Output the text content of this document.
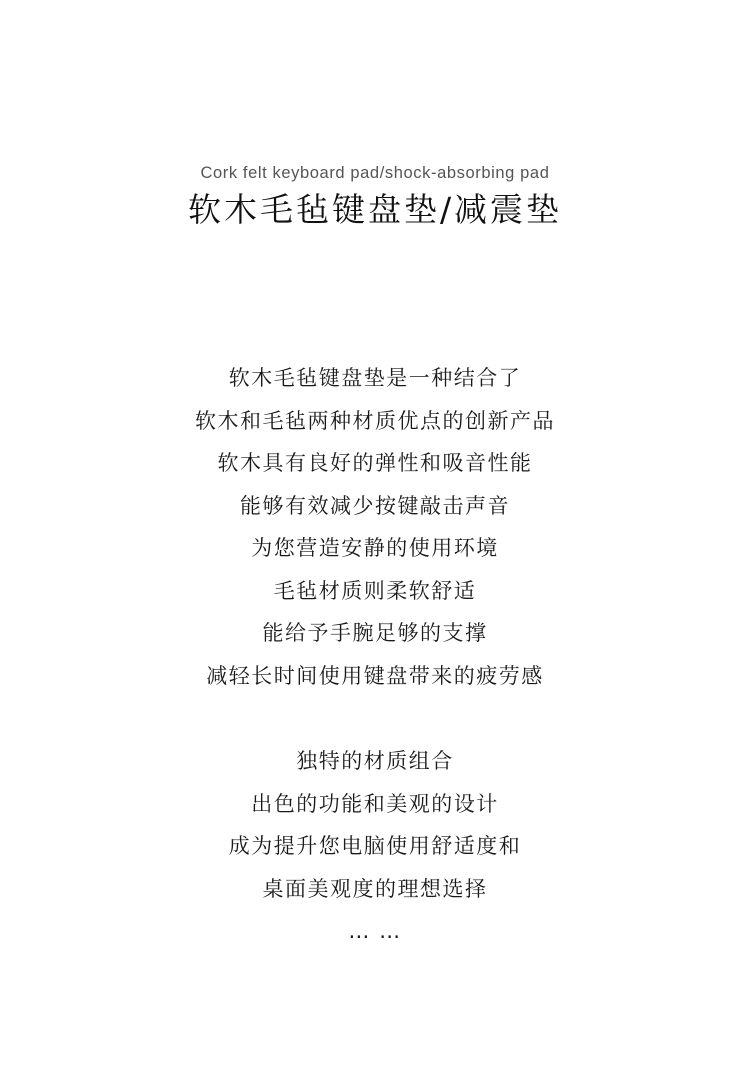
Cork felt keyboard pad/shock-absorbing pad
软木毛毡键盘垫/减震垫
软木毛毡键盘垫是一种结合了
软木和毛毡两种材质优点的创新产品
软木具有良好的弹性和吸音性能
能够有效减少按键敲击声音
为您营造安静的使用环境
毛毡材质则柔软舒适
能给予手腕足够的支撑
减轻长时间使用键盘带来的疲劳感
独特的材质组合
出色的功能和美观的设计
成为提升您电脑使用舒适度和
桌面美观度的理想选择
… …
